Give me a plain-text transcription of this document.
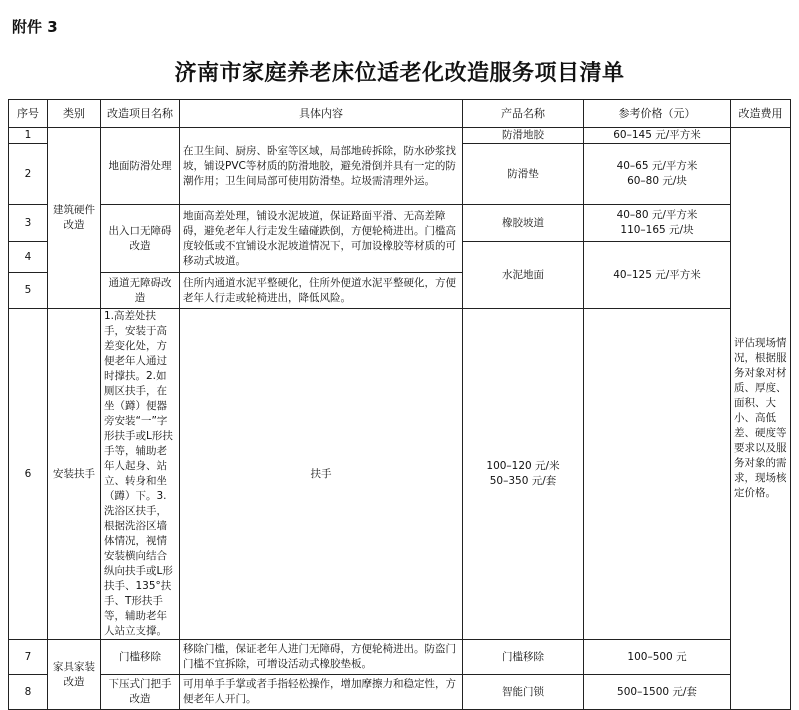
附件 3
济南市家庭养老床位适老化改造服务项目清单
序号	类别	改造项目名称	具体内容	产品名称	参考价格（元）	改造费用
1	建筑硬件改造	地面防滑处理	在卫生间、厨房、卧室等区域，局部地砖拆除，防水砂浆找坡，铺设PVC等材质的防滑地胶，避免滑倒并具有一定的防潮作用；卫生间局部可使用防滑垫。垃圾需清理外运。	防滑地胶	60–145 元/平方米	评估现场情况，根据服务对象对材质、厚度、面积、大小、高低差、硬度等要求以及服务对象的需求，现场核定价格。
2				防滑垫	40–65 元/平方米
60–80 元/块	

3		出入口无障碍改造	地面高差处理，铺设水泥坡道，保证路面平滑、无高差障碍，避免老年人行走发生磕碰跌倒，方便轮椅进出。门槛高度较低或不宜铺设水泥坡道情况下，可加设橡胶等材质的可移动式坡道。	橡胶坡道	40–80 元/平方米
110–165 元/块	

4				水泥地面	40–125 元/平方米	

5		通道无障碍改造	住所内通道水泥平整硬化，住所外便道水泥平整硬化，方便老年人行走或轮椅进出，降低风险。			
6	安装扶手	1.高差处扶手，安装于高差变化处，方便老年人通过时撑扶。2.如厕区扶手，在坐（蹲）便器旁安装“一”字形扶手或L形扶手等，辅助老年人起身、站立、转身和坐（蹲）下。3.洗浴区扶手，根据洗浴区墙体情况，视情安装横向结合纵向扶手或L形扶手、135°扶手、T形扶手等，辅助老年人站立支撑。	扶手	100–120 元/米
50–350 元/套		

7	家具家装改造	门槛移除	移除门槛，保证老年人进门无障碍，方便轮椅进出。防盗门门槛不宜拆除，可增设活动式橡胶垫板。	门槛移除	100–500 元	

8		下压式门把手改造	可用单手手掌或者手指轻松操作，增加摩擦力和稳定性，方便老年人开门。	智能门锁	500–1500 元/套	
